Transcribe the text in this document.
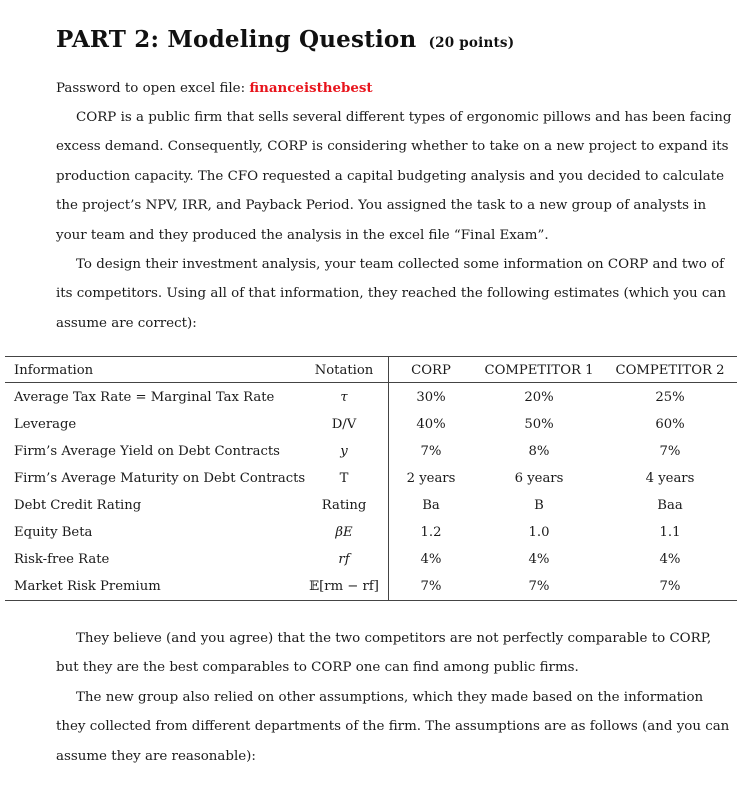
PART 2: Modeling Question (20 points)
Password to open excel file: financeisthebest
CORP is a public firm that sells several different types of ergonomic pillows and has been facing
excess demand. Consequently, CORP is considering whether to take on a new project to expand its
production capacity. The CFO requested a capital budgeting analysis and you decided to calculate
the project’s NPV, IRR, and Payback Period. You assigned the task to a new group of analysts in
your team and they produced the analysis in the excel file “Final Exam”.
To design their investment analysis, your team collected some information on CORP and two of
its competitors. Using all of that information, they reached the following estimates (which you can
assume are correct):
Information	Notation	CORP	COMPETITOR 1	COMPETITOR 2
Average Tax Rate = Marginal Tax Rate	τ	30%	20%	25%
Leverage	D/V	40%	50%	60%
Firm’s Average Yield on Debt Contracts	y	7%	8%	7%
Firm’s Average Maturity on Debt Contracts	T	2 years	6 years	4 years
Debt Credit Rating	Rating	Ba	B	Baa
Equity Beta	βE	1.2	1.0	1.1
Risk-free Rate	rf	4%	4%	4%
Market Risk Premium	𝔼[rm − rf]	7%	7%	7%
They believe (and you agree) that the two competitors are not perfectly comparable to CORP,
but they are the best comparables to CORP one can find among public firms.
The new group also relied on other assumptions, which they made based on the information
they collected from different departments of the firm. The assumptions are as follows (and you can
assume they are reasonable):
